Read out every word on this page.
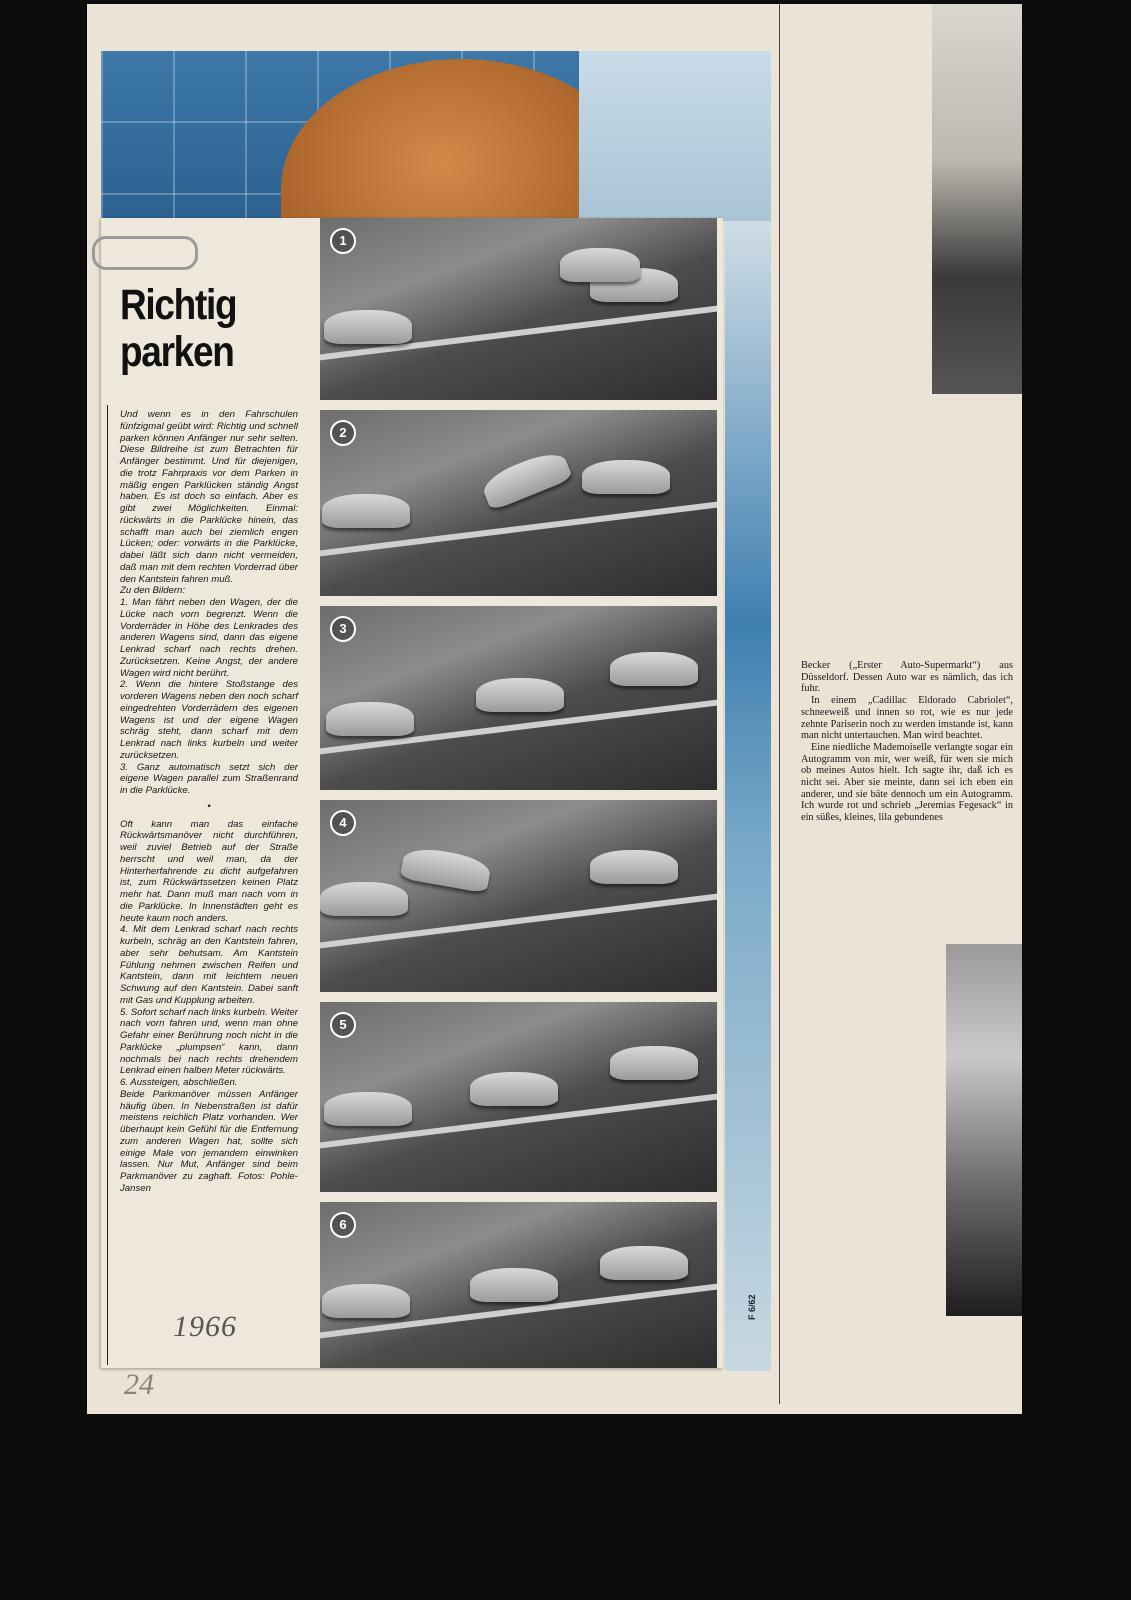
Becker („Erster Auto-Supermarkt“) aus Düsseldorf. Dessen Auto war es nämlich, das ich fuhr.

In einem „Cadillac Eldorado Cabriolet“, schneeweiß und innen so rot, wie es nur jede zehnte Pariserin noch zu werden imstande ist, kann man nicht untertauchen. Man wird beachtet.

Eine niedliche Mademoiselle verlangte sogar ein Autogramm von mir, wer weiß, für wen sie mich ob meines Autos hielt. Ich sagte ihr, daß ich es nicht sei. Aber sie meinte, dann sei ich eben ein anderer, und sie bäte dennoch um ein Autogramm. Ich wurde rot und schrieb „Jeremias Fegesack“ in ein süßes, kleines, lila gebundenes

Richtig
parken

Und wenn es in den Fahrschulen fünfzigmal geübt wird: Richtig und schnell parken können Anfänger nur sehr selten. Diese Bildreihe ist zum Betrachten für Anfänger bestimmt. Und für diejenigen, die trotz Fahrpraxis vor dem Parken in mäßig engen Parklücken ständig Angst haben. Es ist doch so einfach. Aber es gibt zwei Möglichkeiten. Einmal: rückwärts in die Parklücke hinein, das schafft man auch bei ziemlich engen Lücken; oder: vorwärts in die Parklücke, dabei läßt sich dann nicht vermeiden, daß man mit dem rechten Vorderrad über den Kantstein fahren muß.

Zu den Bildern:

1. Man fährt neben den Wagen, der die Lücke nach vorn begrenzt. Wenn die Vorderräder in Höhe des Lenkrades des anderen Wagens sind, dann das eigene Lenkrad scharf nach rechts drehen. Zurücksetzen. Keine Angst, der andere Wagen wird nicht berührt.

2. Wenn die hintere Stoßstange des vorderen Wagens neben den noch scharf eingedrehten Vorderrädern des eigenen Wagens ist und der eigene Wagen schräg steht, dann scharf mit dem Lenkrad nach links kurbeln und weiter zurücksetzen.

3. Ganz automatisch setzt sich der eigene Wagen parallel zum Straßenrand in die Parklücke.

•

Oft kann man das einfache Rückwärtsmanöver nicht durchführen, weil zuviel Betrieb auf der Straße herrscht und weil man, da der Hinterherfahrende zu dicht aufgefahren ist, zum Rückwärtssetzen keinen Platz mehr hat. Dann muß man nach vorn in die Parklücke. In Innenstädten geht es heute kaum noch anders.

4. Mit dem Lenkrad scharf nach rechts kurbeln, schräg an den Kantstein fahren, aber sehr behutsam. Am Kantstein Fühlung nehmen zwischen Reifen und Kantstein, dann mit leichtem neuen Schwung auf den Kantstein. Dabei sanft mit Gas und Kupplung arbeiten.

5. Sofort scharf nach links kurbeln. Weiter nach vorn fahren und, wenn man ohne Gefahr einer Berührung noch nicht in die Parklücke „plumpsen“ kann, dann nochmals bei nach rechts drehendem Lenkrad einen halben Meter rückwärts.

6. Aussteigen, abschließen.

Beide Parkmanöver müssen Anfänger häufig üben. In Nebenstraßen ist dafür meistens reichlich Platz vorhanden. Wer überhaupt kein Gefühl für die Entfernung zum anderen Wagen hat, sollte sich einige Male von jemandem einwinken lassen. Nur Mut, Anfänger sind beim Parkmanöver zu zaghaft. Fotos: Pohle-Jansen

1966
24
1
2
3
4
5
6
F 6/62
